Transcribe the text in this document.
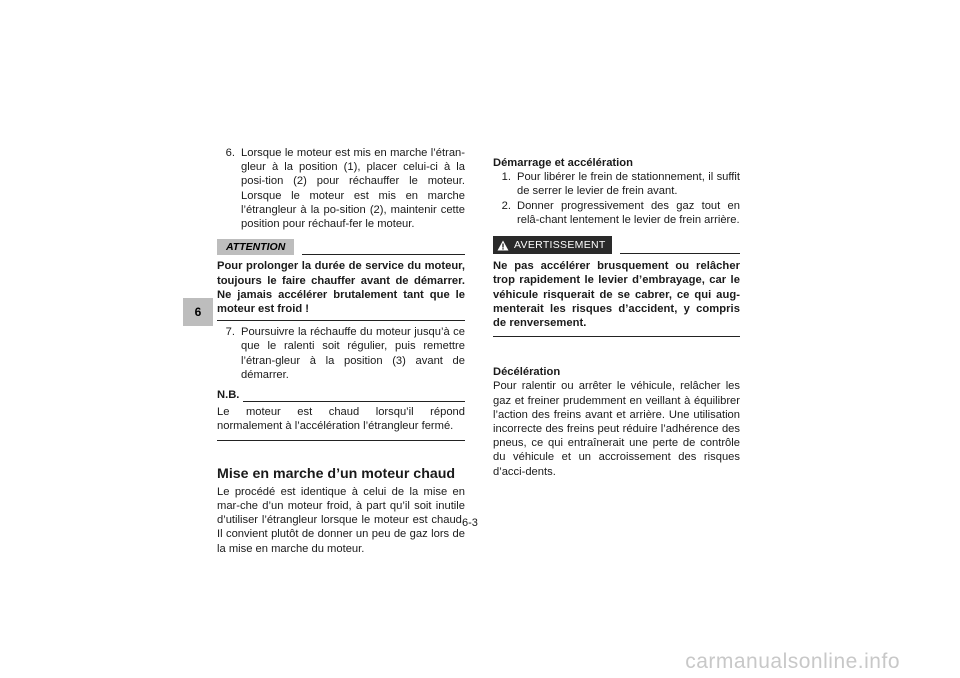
6
6. Lorsque le moteur est mis en marche l’étran-gleur à la position (1), placer celui-ci à la posi-tion (2) pour réchauffer le moteur. Lorsque le moteur est mis en marche l’étrangleur à la po-sition (2), maintenir cette position pour réchauf-fer le moteur.
ATTENTION
Pour prolonger la durée de service du moteur, toujours le faire chauffer avant de démarrer. Ne jamais accélérer brutalement tant que le moteur est froid !
7. Poursuivre la réchauffe du moteur jusqu’à ce que le ralenti soit régulier, puis remettre l’étran-gleur à la position (3) avant de démarrer.
N.B.
Le moteur est chaud lorsqu’il répond normalement à l’accélération l’étrangleur fermé.
Mise en marche d’un moteur chaud
Le procédé est identique à celui de la mise en mar-che d’un moteur froid, à part qu’il soit inutile d’utiliser l’étrangleur lorsque le moteur est chaud. Il convient plutôt de donner un peu de gaz lors de la mise en marche du moteur.
Démarrage et accélération
1. Pour libérer le frein de stationnement, il suffit de serrer le levier de frein avant.
2. Donner progressivement des gaz tout en relâ-chant lentement le levier de frein arrière.
AVERTISSEMENT
Ne pas accélérer brusquement ou relâcher trop rapidement le levier d’embrayage, car le véhicule risquerait de se cabrer, ce qui aug-menterait les risques d’accident, y compris de renversement.
Décélération
Pour ralentir ou arrêter le véhicule, relâcher les gaz et freiner prudemment en veillant à équilibrer l’action des freins avant et arrière. Une utilisation incorrecte des freins peut réduire l’adhérence des pneus, ce qui entraînerait une perte de contrôle du véhicule et un accroissement des risques d’acci-dents.
6-3
carmanualsonline.info
